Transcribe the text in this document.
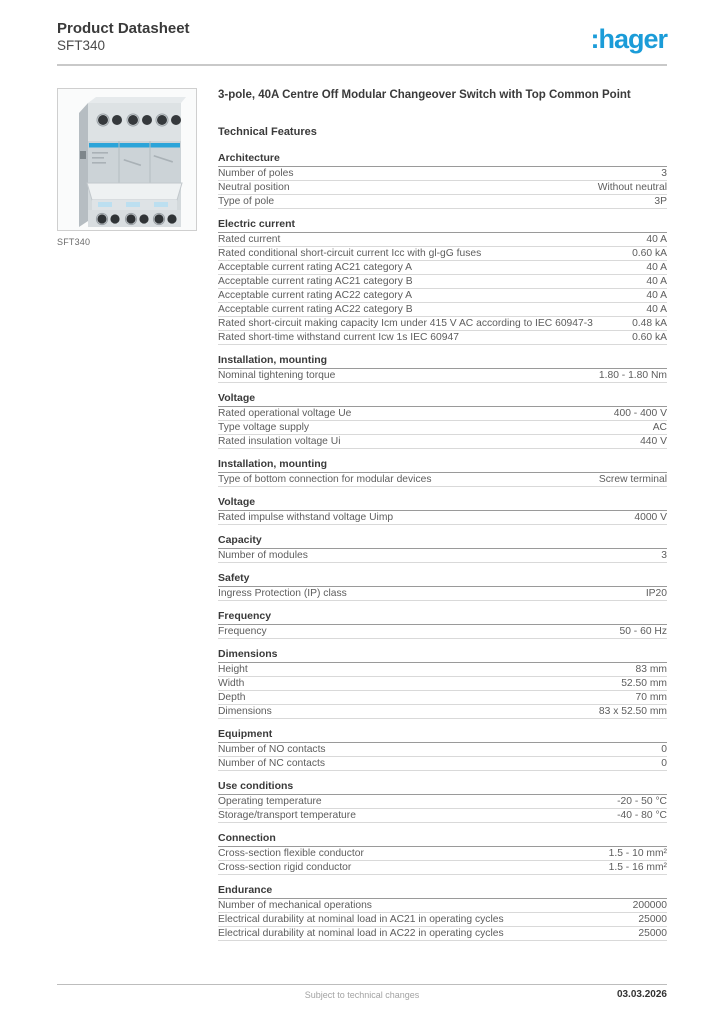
Product Datasheet
SFT340	:hager
SFT340
3-pole, 40A Centre Off Modular Changeover Switch with Top Common Point
Technical Features
Architecture
Number of poles	3
Neutral position	Without neutral
Type of pole	3P
Electric current
Rated current	40 A
Rated conditional short-circuit current Icc with gl-gG fuses	0.60 kA
Acceptable current rating AC21 category A	40 A
Acceptable current rating AC21 category B	40 A
Acceptable current rating AC22 category A	40 A
Acceptable current rating AC22 category B	40 A
Rated short-circuit making capacity Icm under 415 V AC according to IEC 60947-3	0.48 kA
Rated short-time withstand current Icw 1s IEC 60947	0.60 kA
Installation, mounting
Nominal tightening torque	1.80 - 1.80 Nm
Voltage
Rated operational voltage Ue	400 - 400 V
Type voltage supply	AC
Rated insulation voltage Ui	440 V
Installation, mounting
Type of bottom connection for modular devices	Screw terminal
Voltage
Rated impulse withstand voltage Uimp	4000 V
Capacity
Number of modules	3
Safety
Ingress Protection (IP) class	IP20
Frequency
Frequency	50 - 60 Hz
Dimensions
Height	83 mm
Width	52.50 mm
Depth	70 mm
Dimensions	83 x 52.50 mm
Equipment
Number of NO contacts	0
Number of NC contacts	0
Use conditions
Operating temperature	-20 - 50 °C
Storage/transport temperature	-40 - 80 °C
Connection
Cross-section flexible conductor	1.5 - 10 mm²
Cross-section rigid conductor	1.5 - 16 mm²
Endurance
Number of mechanical operations	200000
Electrical durability at nominal load in AC21 in operating cycles	25000
Electrical durability at nominal load in AC22 in operating cycles	25000
Subject to technical changes	03.03.2026
